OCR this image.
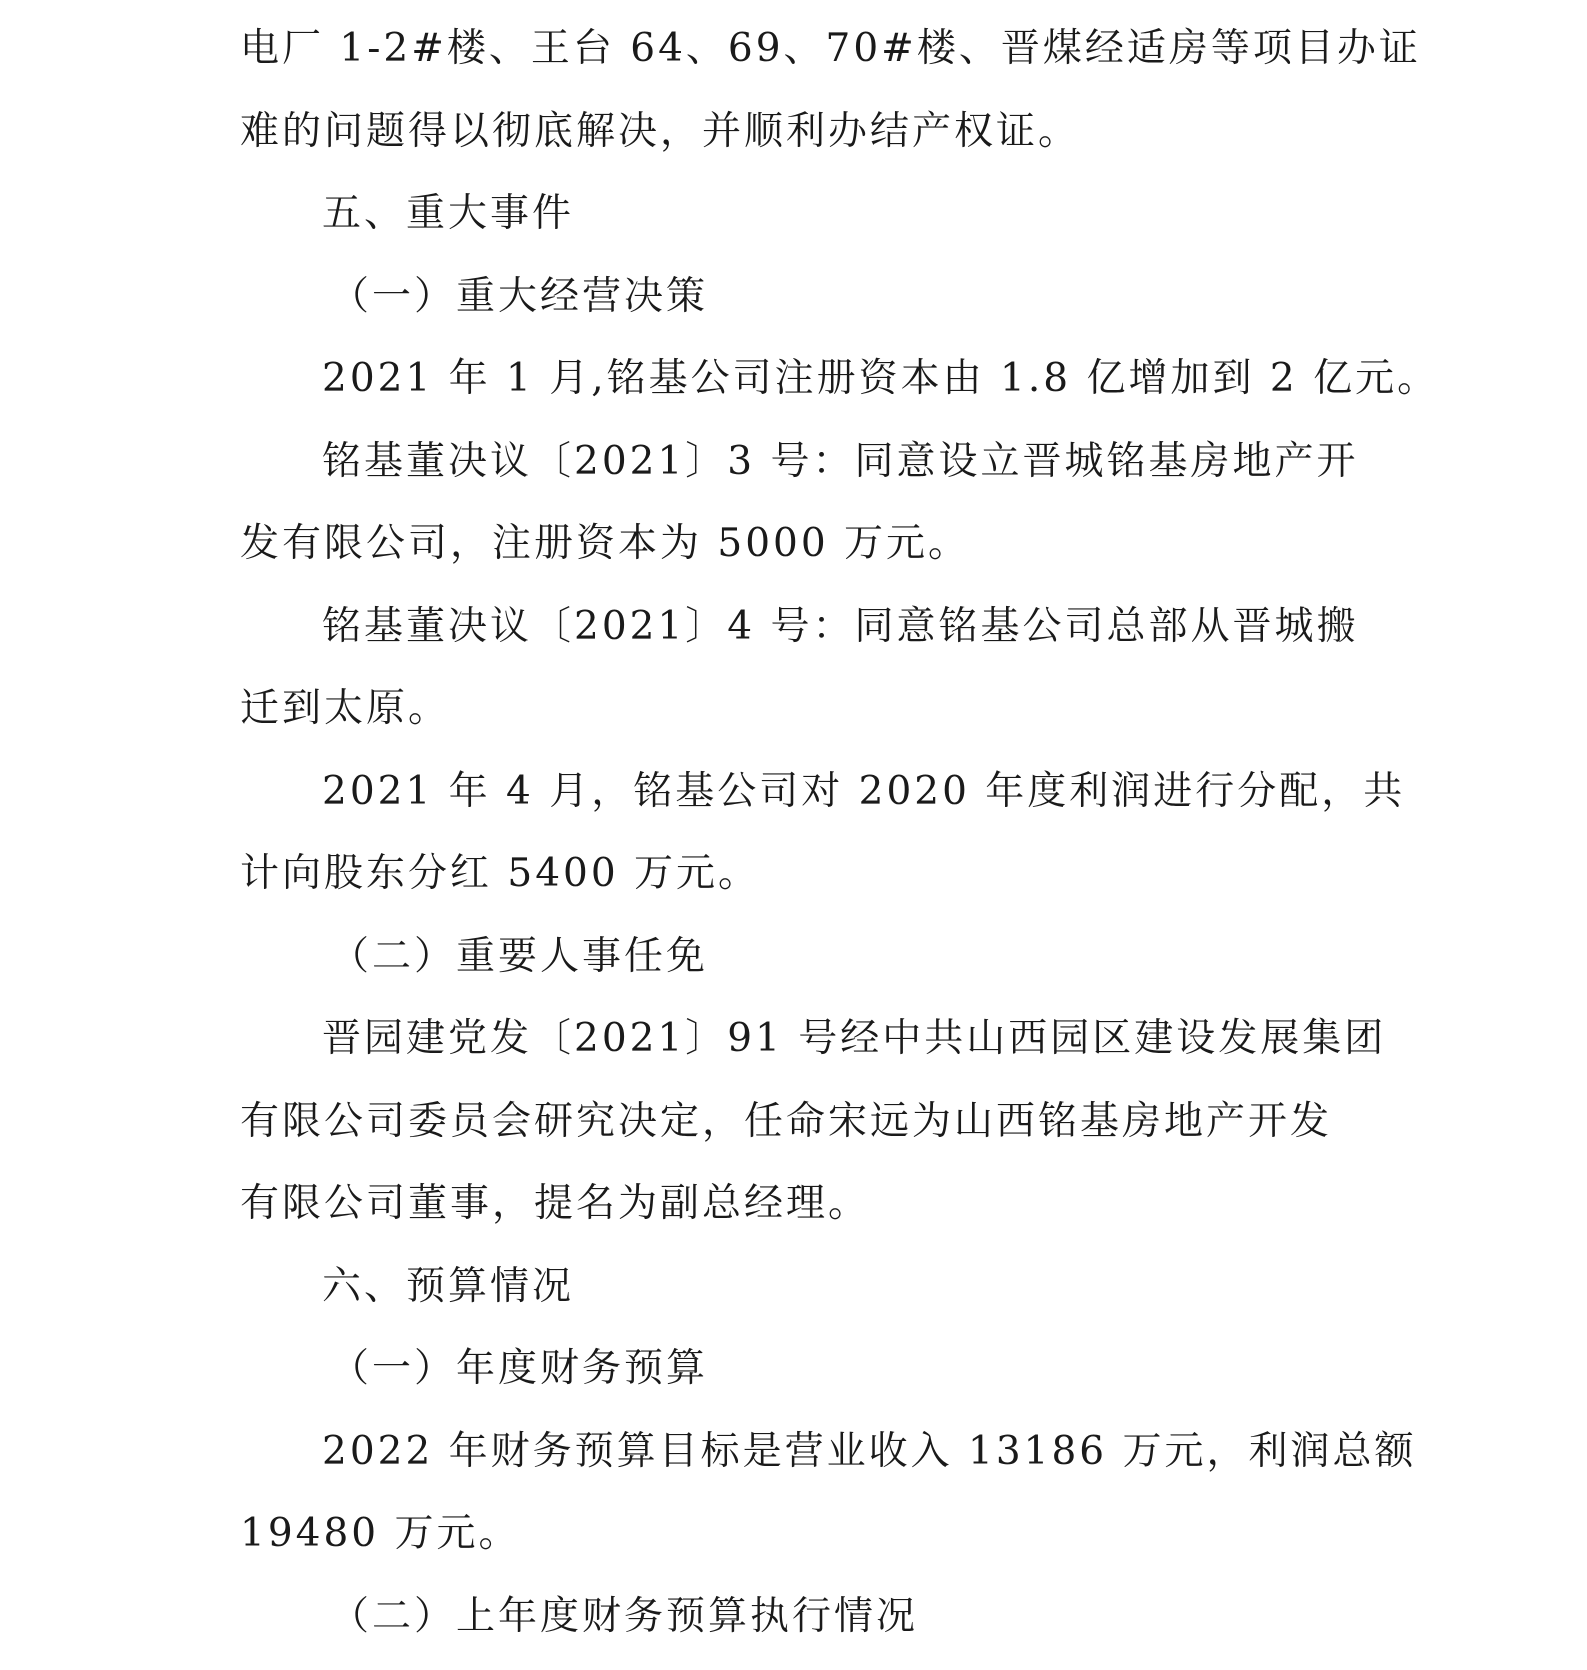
电厂 1-2#楼、王台 64、69、70#楼、晋煤经适房等项目办证
难的问题得以彻底解决，并顺利办结产权证。
五、重大事件
（一）重大经营决策
2021 年 1 月,铭基公司注册资本由 1.8 亿增加到 2 亿元。
铭基董决议〔2021〕3 号：同意设立晋城铭基房地产开
发有限公司，注册资本为 5000 万元。
铭基董决议〔2021〕4 号：同意铭基公司总部从晋城搬
迁到太原。
2021 年 4 月，铭基公司对 2020 年度利润进行分配，共
计向股东分红 5400 万元。
（二）重要人事任免
晋园建党发〔2021〕91 号经中共山西园区建设发展集团
有限公司委员会研究决定，任命宋远为山西铭基房地产开发
有限公司董事，提名为副总经理。
六、预算情况
（一）年度财务预算
2022 年财务预算目标是营业收入 13186 万元，利润总额
19480 万元。
（二）上年度财务预算执行情况
